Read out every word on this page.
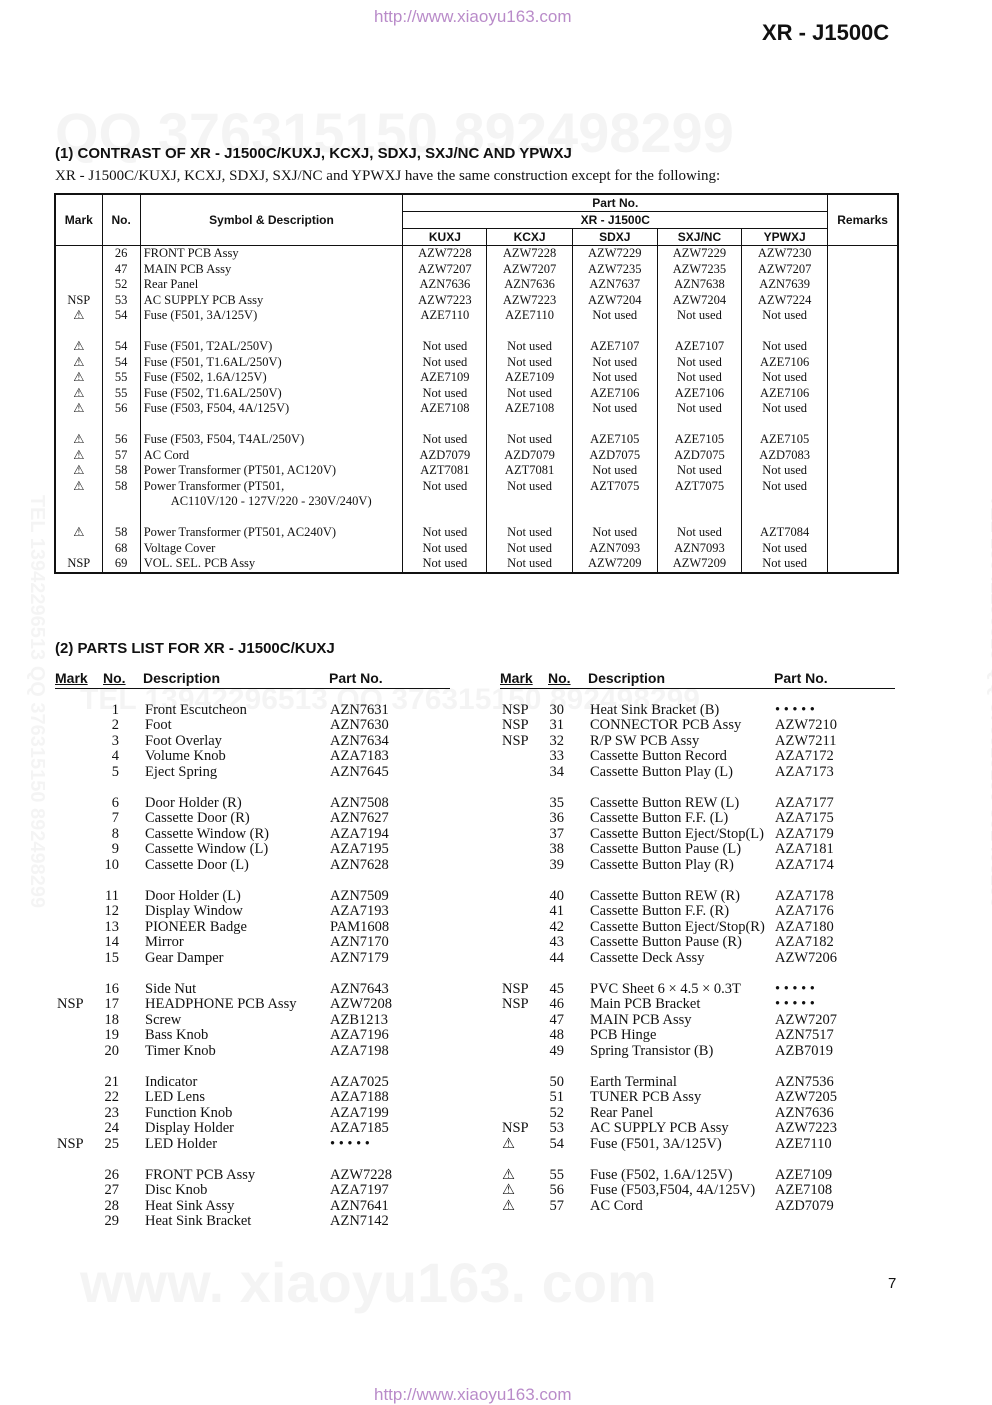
http://www.xiaoyu163.com
XR - J1500C
(1) CONTRAST OF XR - J1500C/KUXJ, KCXJ, SDXJ, SXJ/NC AND YPWXJ
XR - J1500C/KUXJ, KCXJ, SDXJ, SXJ/NC and YPWXJ have the same construction except for the following:
Mark	No.	Symbol & Description	Part No.					Remarks
			XR - J1500C					
			KUXJ	KCXJ	SDXJ	SXJ/NC	YPWXJ	
	26	FRONT PCB Assy	AZW7228	AZW7228	AZW7229	AZW7229	AZW7230	
	47	MAIN PCB Assy	AZW7207	AZW7207	AZW7235	AZW7235	AZW7207	
	52	Rear Panel	AZN7636	AZN7636	AZN7637	AZN7638	AZN7639	
NSP	53	AC SUPPLY PCB Assy	AZW7223	AZW7223	AZW7204	AZW7204	AZW7224	
⚠	54	Fuse (F501, 3A/125V)	AZE7110	AZE7110	Not used	Not used	Not used	

⚠	54	Fuse (F501, T2AL/250V)	Not used	Not used	AZE7107	AZE7107	Not used	
⚠	54	Fuse (F501, T1.6AL/250V)	Not used	Not used	Not used	Not used	AZE7106	
⚠	55	Fuse (F502, 1.6A/125V)	AZE7109	AZE7109	Not used	Not used	Not used	
⚠	55	Fuse (F502, T1.6AL/250V)	Not used	Not used	AZE7106	AZE7106	AZE7106	
⚠	56	Fuse (F503, F504, 4A/125V)	AZE7108	AZE7108	Not used	Not used	Not used	

⚠	56	Fuse (F503, F504, T4AL/250V)	Not used	Not used	AZE7105	AZE7105	AZE7105	
⚠	57	AC Cord	AZD7079	AZD7079	AZD7075	AZD7075	AZD7083	
⚠	58	Power Transformer (PT501, AC120V)	AZT7081	AZT7081	Not used	Not used	Not used	
⚠	58	Power Transformer (PT501,	Not used	Not used	AZT7075	AZT7075	Not used	
		AC110V/120 - 127V/220 - 230V/240V)						

⚠	58	Power Transformer (PT501, AC240V)	Not used	Not used	Not used	Not used	AZT7084	
	68	Voltage Cover	Not used	Not used	AZN7093	AZN7093	Not used	
NSP	69	VOL. SEL. PCB Assy	Not used	Not used	AZW7209	AZW7209	Not used	
(2) PARTS LIST FOR XR - J1500C/KUXJ
Mark No. Description	Part No.	Mark No. Description	Part No.
1 Front Escutcheon	AZN7631
2 Foot	AZN7630
3 Foot Overlay	AZN7634
4 Volume Knob	AZA7183
5 Eject Spring	AZN7645
6 Door Holder (R)	AZN7508
7 Cassette Door (R)	AZN7627
8 Cassette Window (R)	AZA7194
9 Cassette Window (L)	AZA7195
10 Cassette Door (L)	AZN7628
11 Door Holder (L)	AZN7509
12 Display Window	AZA7193
13 PIONEER Badge	PAM1608
14 Mirror	AZN7170
15 Gear Damper	AZN7179
16 Side Nut	AZN7643
NSP	17 HEADPHONE PCB Assy AZW7208
18 Screw	AZB1213
19 Bass Knob	AZA7196
20 Timer Knob	AZA7198
21 Indicator	AZA7025
22 LED Lens	AZA7188
23 Function Knob	AZA7199
24 Display Holder	AZA7185
NSP	25 LED Holder	• • • • •
26 FRONT PCB Assy	AZW7228
27 Disc Knob	AZA7197
28 Heat Sink Assy	AZN7641
29 Heat Sink Bracket	AZN7142
NSP	30 Heat Sink Bracket (B)	• • • • •
NSP	31 CONNECTOR PCB Assy AZW7210
NSP	32 R/P SW PCB Assy	AZW7211
33 Cassette Button Record	AZA7172
34 Cassette Button Play (L)	AZA7173
35 Cassette Button REW (L) AZA7177
36 Cassette Button F.F. (L)	AZA7175
37 Cassette Button Eject/Stop(L) AZA7179
38 Cassette Button Pause (L) AZA7181
39 Cassette Button Play (R)	AZA7174
40 Cassette Button REW (R) AZA7178
41 Cassette Button F.F. (R)	AZA7176
42 Cassette Button Eject/Stop(R) AZA7180
43 Cassette Button Pause (R) AZA7182
44 Cassette Deck Assy	AZW7206
NSP	45 PVC Sheet 6 × 4.5 × 0.3T • • • • •
NSP	46 Main PCB Bracket	• • • • •
47 MAIN PCB Assy	AZW7207
48 PCB Hinge	AZN7517
49 Spring Transistor (B)	AZB7019
50 Earth Terminal	AZN7536
51 TUNER PCB Assy	AZW7205
52 Rear Panel	AZN7636
NSP	53 AC SUPPLY PCB Assy	AZW7223
⚠	54 Fuse (F501, 3A/125V)	AZE7110
⚠	55 Fuse (F502, 1.6A/125V)	AZE7109
⚠	56 Fuse (F503,F504, 4A/125V) AZE7108
⚠	57 AC Cord	AZD7079
7
http://www.xiaoyu163.com
